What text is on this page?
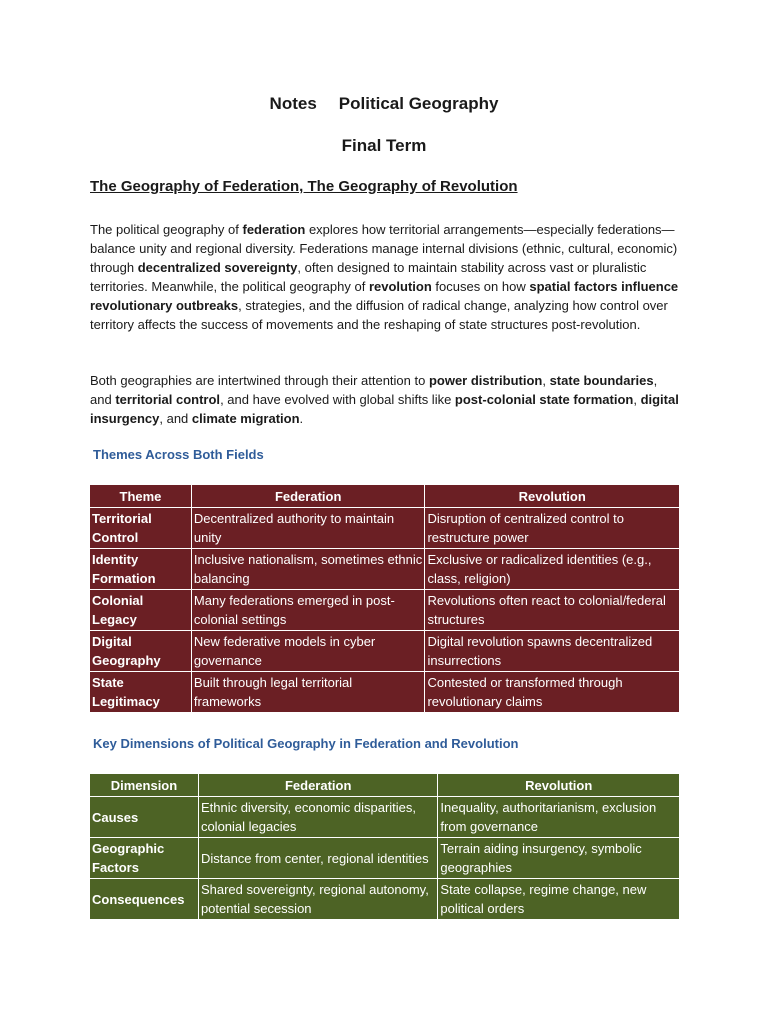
Notes Political Geography
Final Term
The Geography of Federation, The Geography of Revolution
The political geography of federation explores how territorial arrangements—especially federations—balance unity and regional diversity. Federations manage internal divisions (ethnic, cultural, economic) through decentralized sovereignty, often designed to maintain stability across vast or pluralistic territories. Meanwhile, the political geography of revolution focuses on how spatial factors influence revolutionary outbreaks, strategies, and the diffusion of radical change, analyzing how control over territory affects the success of movements and the reshaping of state structures post-revolution.
Both geographies are intertwined through their attention to power distribution, state boundaries, and territorial control, and have evolved with global shifts like post-colonial state formation, digital insurgency, and climate migration.
Themes Across Both Fields
Theme	Federation	Revolution
Territorial Control	Decentralized authority to maintain unity	Disruption of centralized control to restructure power
Identity Formation	Inclusive nationalism, sometimes ethnic balancing	Exclusive or radicalized identities (e.g., class, religion)
Colonial Legacy	Many federations emerged in post-colonial settings	Revolutions often react to colonial/federal structures
Digital Geography	New federative models in cyber governance	Digital revolution spawns decentralized insurrections
State Legitimacy	Built through legal territorial frameworks	Contested or transformed through revolutionary claims
Key Dimensions of Political Geography in Federation and Revolution
Dimension	Federation	Revolution
Causes	Ethnic diversity, economic disparities, colonial legacies	Inequality, authoritarianism, exclusion from governance
Geographic Factors	Distance from center, regional identities	Terrain aiding insurgency, symbolic geographies
Consequences	Shared sovereignty, regional autonomy, potential secession	State collapse, regime change, new political orders
